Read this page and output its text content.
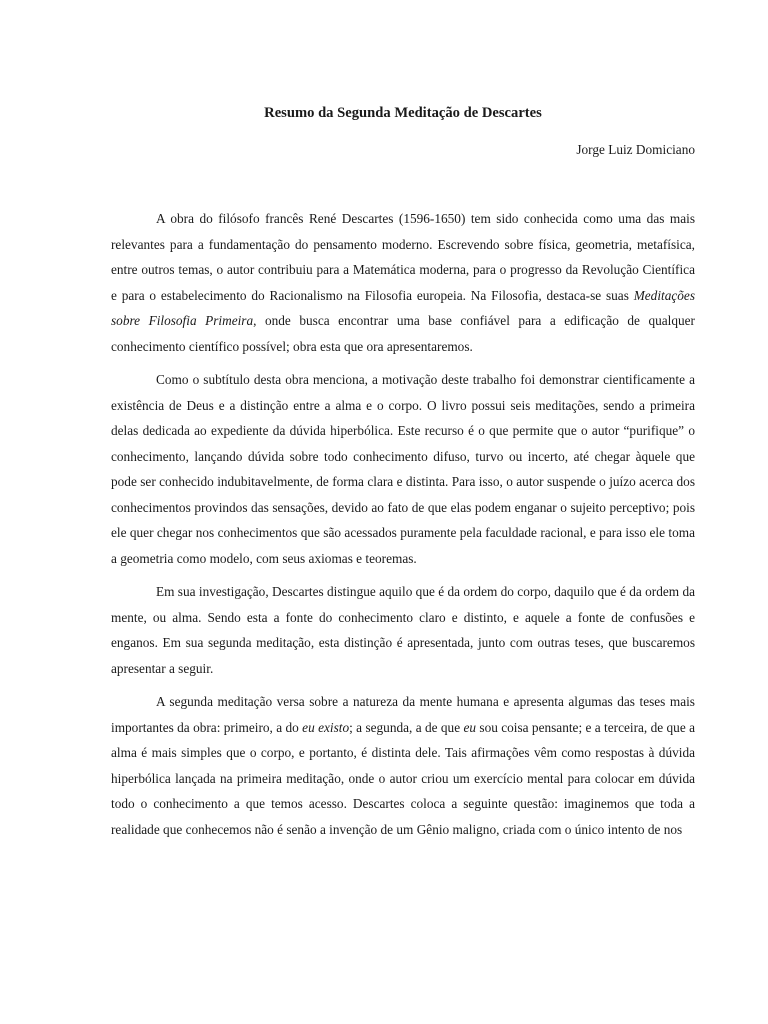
Resumo da Segunda Meditação de Descartes

Jorge Luiz Domiciano

A obra do filósofo francês René Descartes (1596-1650) tem sido conhecida como uma das mais relevantes para a fundamentação do pensamento moderno. Escrevendo sobre física, geometria, metafísica, entre outros temas, o autor contribuiu para a Matemática moderna, para o progresso da Revolução Científica e para o estabelecimento do Racionalismo na Filosofia europeia. Na Filosofia, destaca-se suas Meditações sobre Filosofia Primeira, onde busca encontrar uma base confiável para a edificação de qualquer conhecimento científico possível; obra esta que ora apresentaremos.

Como o subtítulo desta obra menciona, a motivação deste trabalho foi demonstrar cientificamente a existência de Deus e a distinção entre a alma e o corpo. O livro possui seis meditações, sendo a primeira delas dedicada ao expediente da dúvida hiperbólica. Este recurso é o que permite que o autor “purifique” o conhecimento, lançando dúvida sobre todo conhecimento difuso, turvo ou incerto, até chegar àquele que pode ser conhecido indubitavelmente, de forma clara e distinta. Para isso, o autor suspende o juízo acerca dos conhecimentos provindos das sensações, devido ao fato de que elas podem enganar o sujeito perceptivo; pois ele quer chegar nos conhecimentos que são acessados puramente pela faculdade racional, e para isso ele toma a geometria como modelo, com seus axiomas e teoremas.

Em sua investigação, Descartes distingue aquilo que é da ordem do corpo, daquilo que é da ordem da mente, ou alma. Sendo esta a fonte do conhecimento claro e distinto, e aquele a fonte de confusões e enganos. Em sua segunda meditação, esta distinção é apresentada, junto com outras teses, que buscaremos apresentar a seguir.

A segunda meditação versa sobre a natureza da mente humana e apresenta algumas das teses mais importantes da obra: primeiro, a do eu existo; a segunda, a de que eu sou coisa pensante; e a terceira, de que a alma é mais simples que o corpo, e portanto, é distinta dele. Tais afirmações vêm como respostas à dúvida hiperbólica lançada na primeira meditação, onde o autor criou um exercício mental para colocar em dúvida todo o conhecimento a que temos acesso. Descartes coloca a seguinte questão: imaginemos que toda a realidade que conhecemos não é senão a invenção de um Gênio maligno, criada com o único intento de nos
